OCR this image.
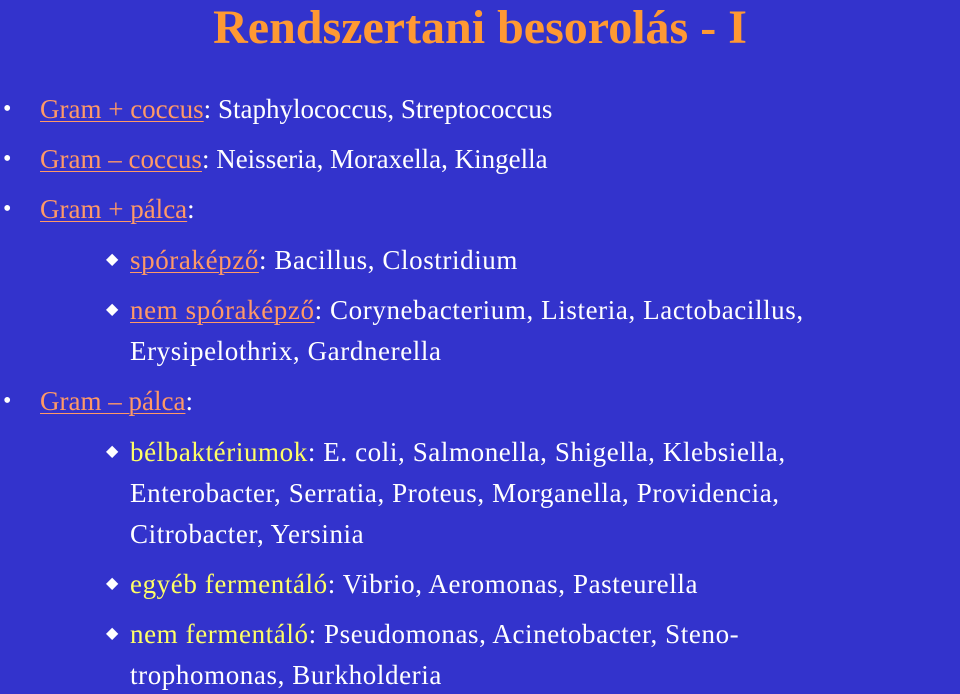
Rendszertani besorolás - I
• Gram + coccus: Staphylococcus, Streptococcus
• Gram – coccus: Neisseria, Moraxella, Kingella
• Gram + pálca:
◆ spóraképző: Bacillus, Clostridium
◆ nem spóraképző: Corynebacterium, Listeria, Lactobacillus,
Erysipelothrix, Gardnerella
• Gram – pálca:
◆ bélbaktériumok: E. coli, Salmonella, Shigella, Klebsiella,
Enterobacter, Serratia, Proteus, Morganella, Providencia,
Citrobacter, Yersinia
◆ egyéb fermentáló: Vibrio, Aeromonas, Pasteurella
◆ nem fermentáló: Pseudomonas, Acinetobacter, Steno-
trophomonas, Burkholderia
